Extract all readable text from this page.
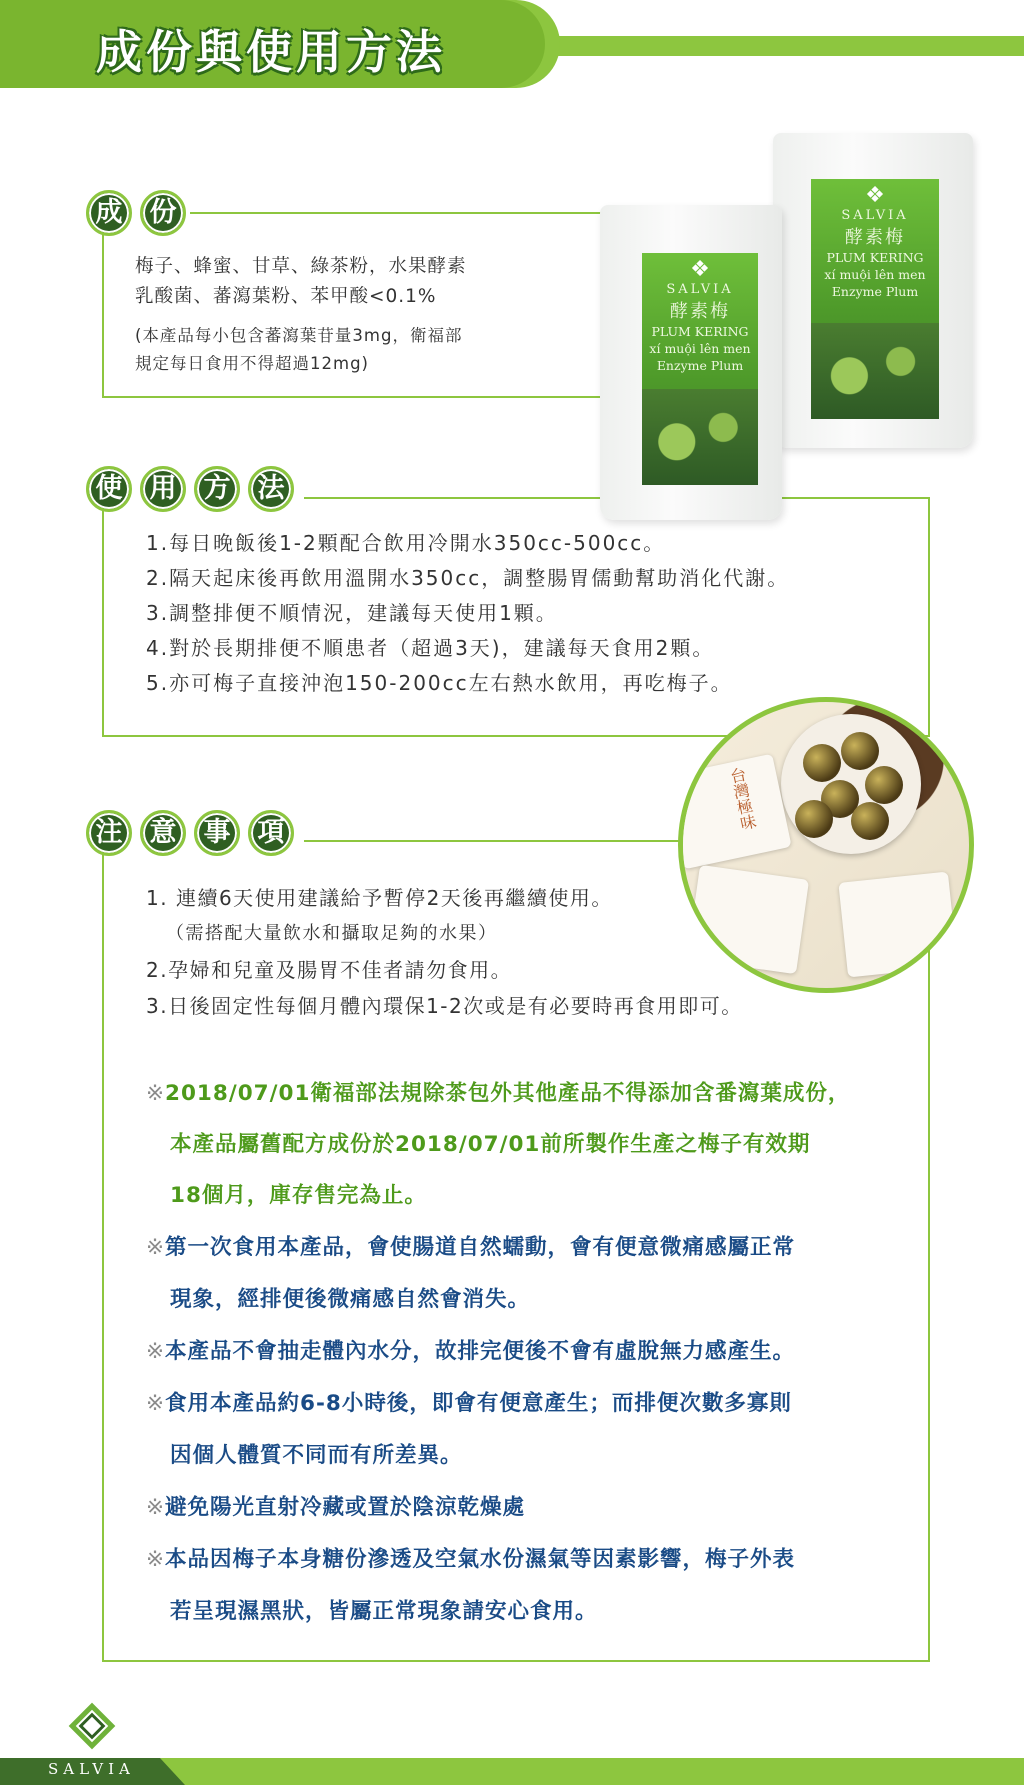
成份與使用方法
成	份
梅子、蜂蜜、甘草、綠茶粉，水果酵素
乳酸菌、蕃瀉葉粉、苯甲酸<0.1%
(本產品每小包含蕃瀉葉苷量3mg，衛福部
規定每日食用不得超過12mg)
❖
SALVIA
酵素梅
PLUM KERING
xí muội lên men
Enzyme Plum
❖
SALVIA
酵素梅
PLUM KERING
xí muội lên men
Enzyme Plum
使	用	方	法
1.每日晚飯後1-2顆配合飲用冷開水350cc-500cc。
2.隔天起床後再飲用溫開水350cc，調整腸胃儒動幫助消化代謝。
3.調整排便不順情況，建議每天使用1顆。
4.對於長期排便不順患者（超過3天)，建議每天食用2顆。
5.亦可梅子直接沖泡150-200cc左右熱水飲用，再吃梅子。
台灣極味
注	意	事	項
1. 連續6天使用建議給予暫停2天後再繼續使用。
（需搭配大量飲水和攝取足夠的水果）
2.孕婦和兒童及腸胃不佳者請勿食用。
3.日後固定性每個月體內環保1-2次或是有必要時再食用即可。
※2018/07/01衛福部法規除茶包外其他產品不得添加含番瀉葉成份，
本產品屬舊配方成份於2018/07/01前所製作生產之梅子有效期
18個月，庫存售完為止。
※第一次食用本產品，會使腸道自然蠕動，會有便意微痛感屬正常
現象，經排便後微痛感自然會消失。
※本產品不會抽走體內水分，故排完便後不會有虛脫無力感產生。
※食用本產品約6-8小時後，即會有便意產生；而排便次數多寡則
因個人體質不同而有所差異。
※避免陽光直射冷藏或置於陰涼乾燥處
※本品因梅子本身糖份滲透及空氣水份濕氣等因素影響，梅子外表
若呈現濕黑狀，皆屬正常現象請安心食用。
SALVIA
